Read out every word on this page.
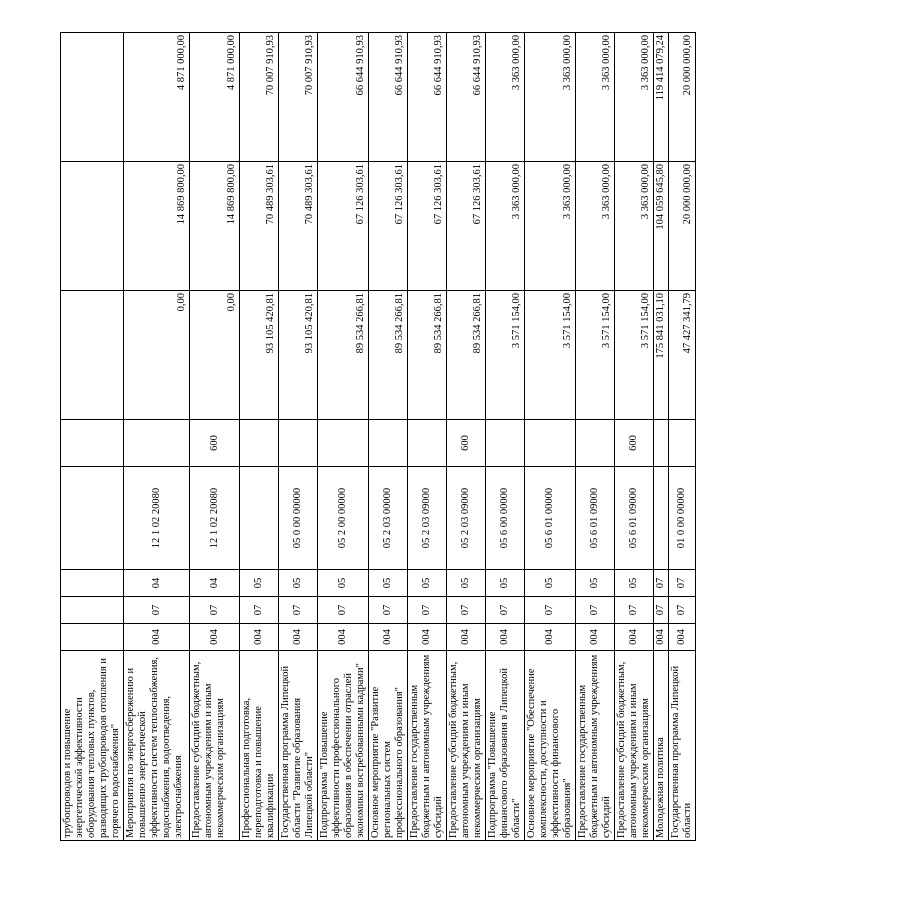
трубопроводов и повышение энергетической эффективности оборудования тепловых пунктов, разводящих трубопроводов отопления и горячего водоснабжения"								
Мероприятия по энергосбережению и повышению энергетической эффективности систем теплоснабжения, водоснабжения, водоотведения, электроснабжения	004	07	04	12 1 02 20080		0,00	14 869 800,00	4 871 000,00
Предоставление субсидий бюджетным, автономным учреждениям и иным некоммерческим организациям	004	07	04	12 1 02 20080	600	0,00	14 869 800,00	4 871 000,00
Профессиональная подготовка, переподготовка и повышение квалификации	004	07	05			93 105 420,81	70 489 303,61	70 007 910,93
Государственная программа Липецкой области "Развитие образования Липецкой области"	004	07	05	05 0 00 00000		93 105 420,81	70 489 303,61	70 007 910,93
Подпрограмма "Повышение эффективности профессионального образования в обеспечении отраслей экономики востребованными кадрами"	004	07	05	05 2 00 00000		89 534 266,81	67 126 303,61	66 644 910,93
Основное мероприятие "Развитие региональных систем профессионального образования"	004	07	05	05 2 03 00000		89 534 266,81	67 126 303,61	66 644 910,93
Предоставление государственным бюджетным и автономным учреждениям субсидий	004	07	05	05 2 03 09000		89 534 266,81	67 126 303,61	66 644 910,93
Предоставление субсидий бюджетным, автономным учреждениям и иным некоммерческим организациям	004	07	05	05 2 03 09000	600	89 534 266,81	67 126 303,61	66 644 910,93
Подпрограмма "Повышение финансового образования в Липецкой области"	004	07	05	05 6 00 00000		3 571 154,00	3 363 000,00	3 363 000,00
Основное мероприятие "Обеспечение комплексности, доступности и эффективности финансового образования"	004	07	05	05 6 01 00000		3 571 154,00	3 363 000,00	3 363 000,00
Предоставление государственным бюджетным и автономным учреждениям субсидий	004	07	05	05 6 01 09000		3 571 154,00	3 363 000,00	3 363 000,00
Предоставление субсидий бюджетным, автономным учреждениям и иным некоммерческим организациям	004	07	05	05 6 01 09000	600	3 571 154,00	3 363 000,00	3 363 000,00
Молодежная политика	004	07	07			175 841 031,10	104 059 645,80	119 414 079,24
Государственная программа Липецкой области	004	07	07	01 0 00 00000		47 427 341,79	20 000 000,00	20 000 000,00
